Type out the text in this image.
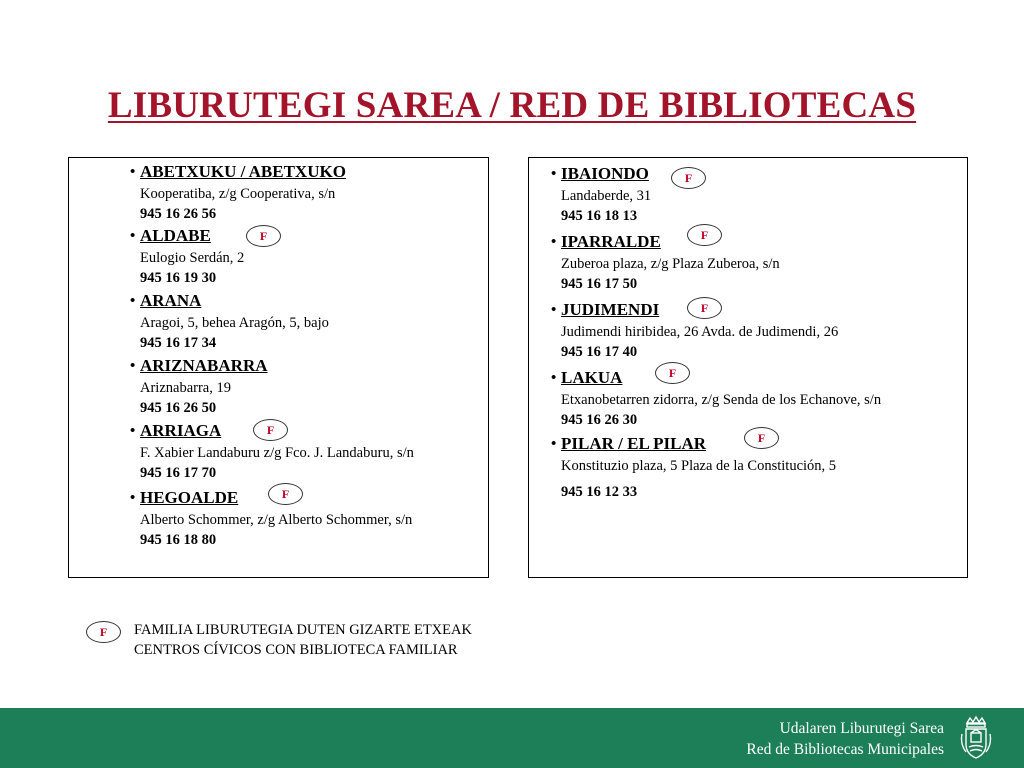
LIBURUTEGI SAREA / RED DE BIBLIOTECAS
• ABETXUKU / ABETXUKO
Kooperatiba, z/g Cooperativa, s/n
945 16 26 56
• ALDABE
Eulogio Serdán, 2
945 16 19 30
• ARANA
Aragoi, 5, behea Aragón, 5, bajo
945 16 17 34
• ARIZNABARRA
Ariznabarra, 19
945 16 26 50
• ARRIAGA
F. Xabier Landaburu z/g Fco. J. Landaburu, s/n
945 16 17 70
• HEGOALDE
Alberto Schommer, z/g Alberto Schommer, s/n
945 16 18 80
F
F
F
• IBAIONDO
Landaberde, 31
945 16 18 13
• IPARRALDE
Zuberoa plaza, z/g Plaza Zuberoa, s/n
945 16 17 50
• JUDIMENDI
Judimendi hiribidea, 26 Avda. de Judimendi, 26
945 16 17 40
• LAKUA
Etxanobetarren zidorra, z/g Senda de los Echanove, s/n
945 16 26 30
• PILAR / EL PILAR
Konstituzio plaza, 5 Plaza de la Constitución, 5
945 16 12 33
F
F
F
F
F
F	FAMILIA LIBURUTEGIA DUTEN GIZARTE ETXEAK
CENTROS CÍVICOS CON BIBLIOTECA FAMILIAR
Udalaren Liburutegi Sarea
Red de Bibliotecas Municipales
